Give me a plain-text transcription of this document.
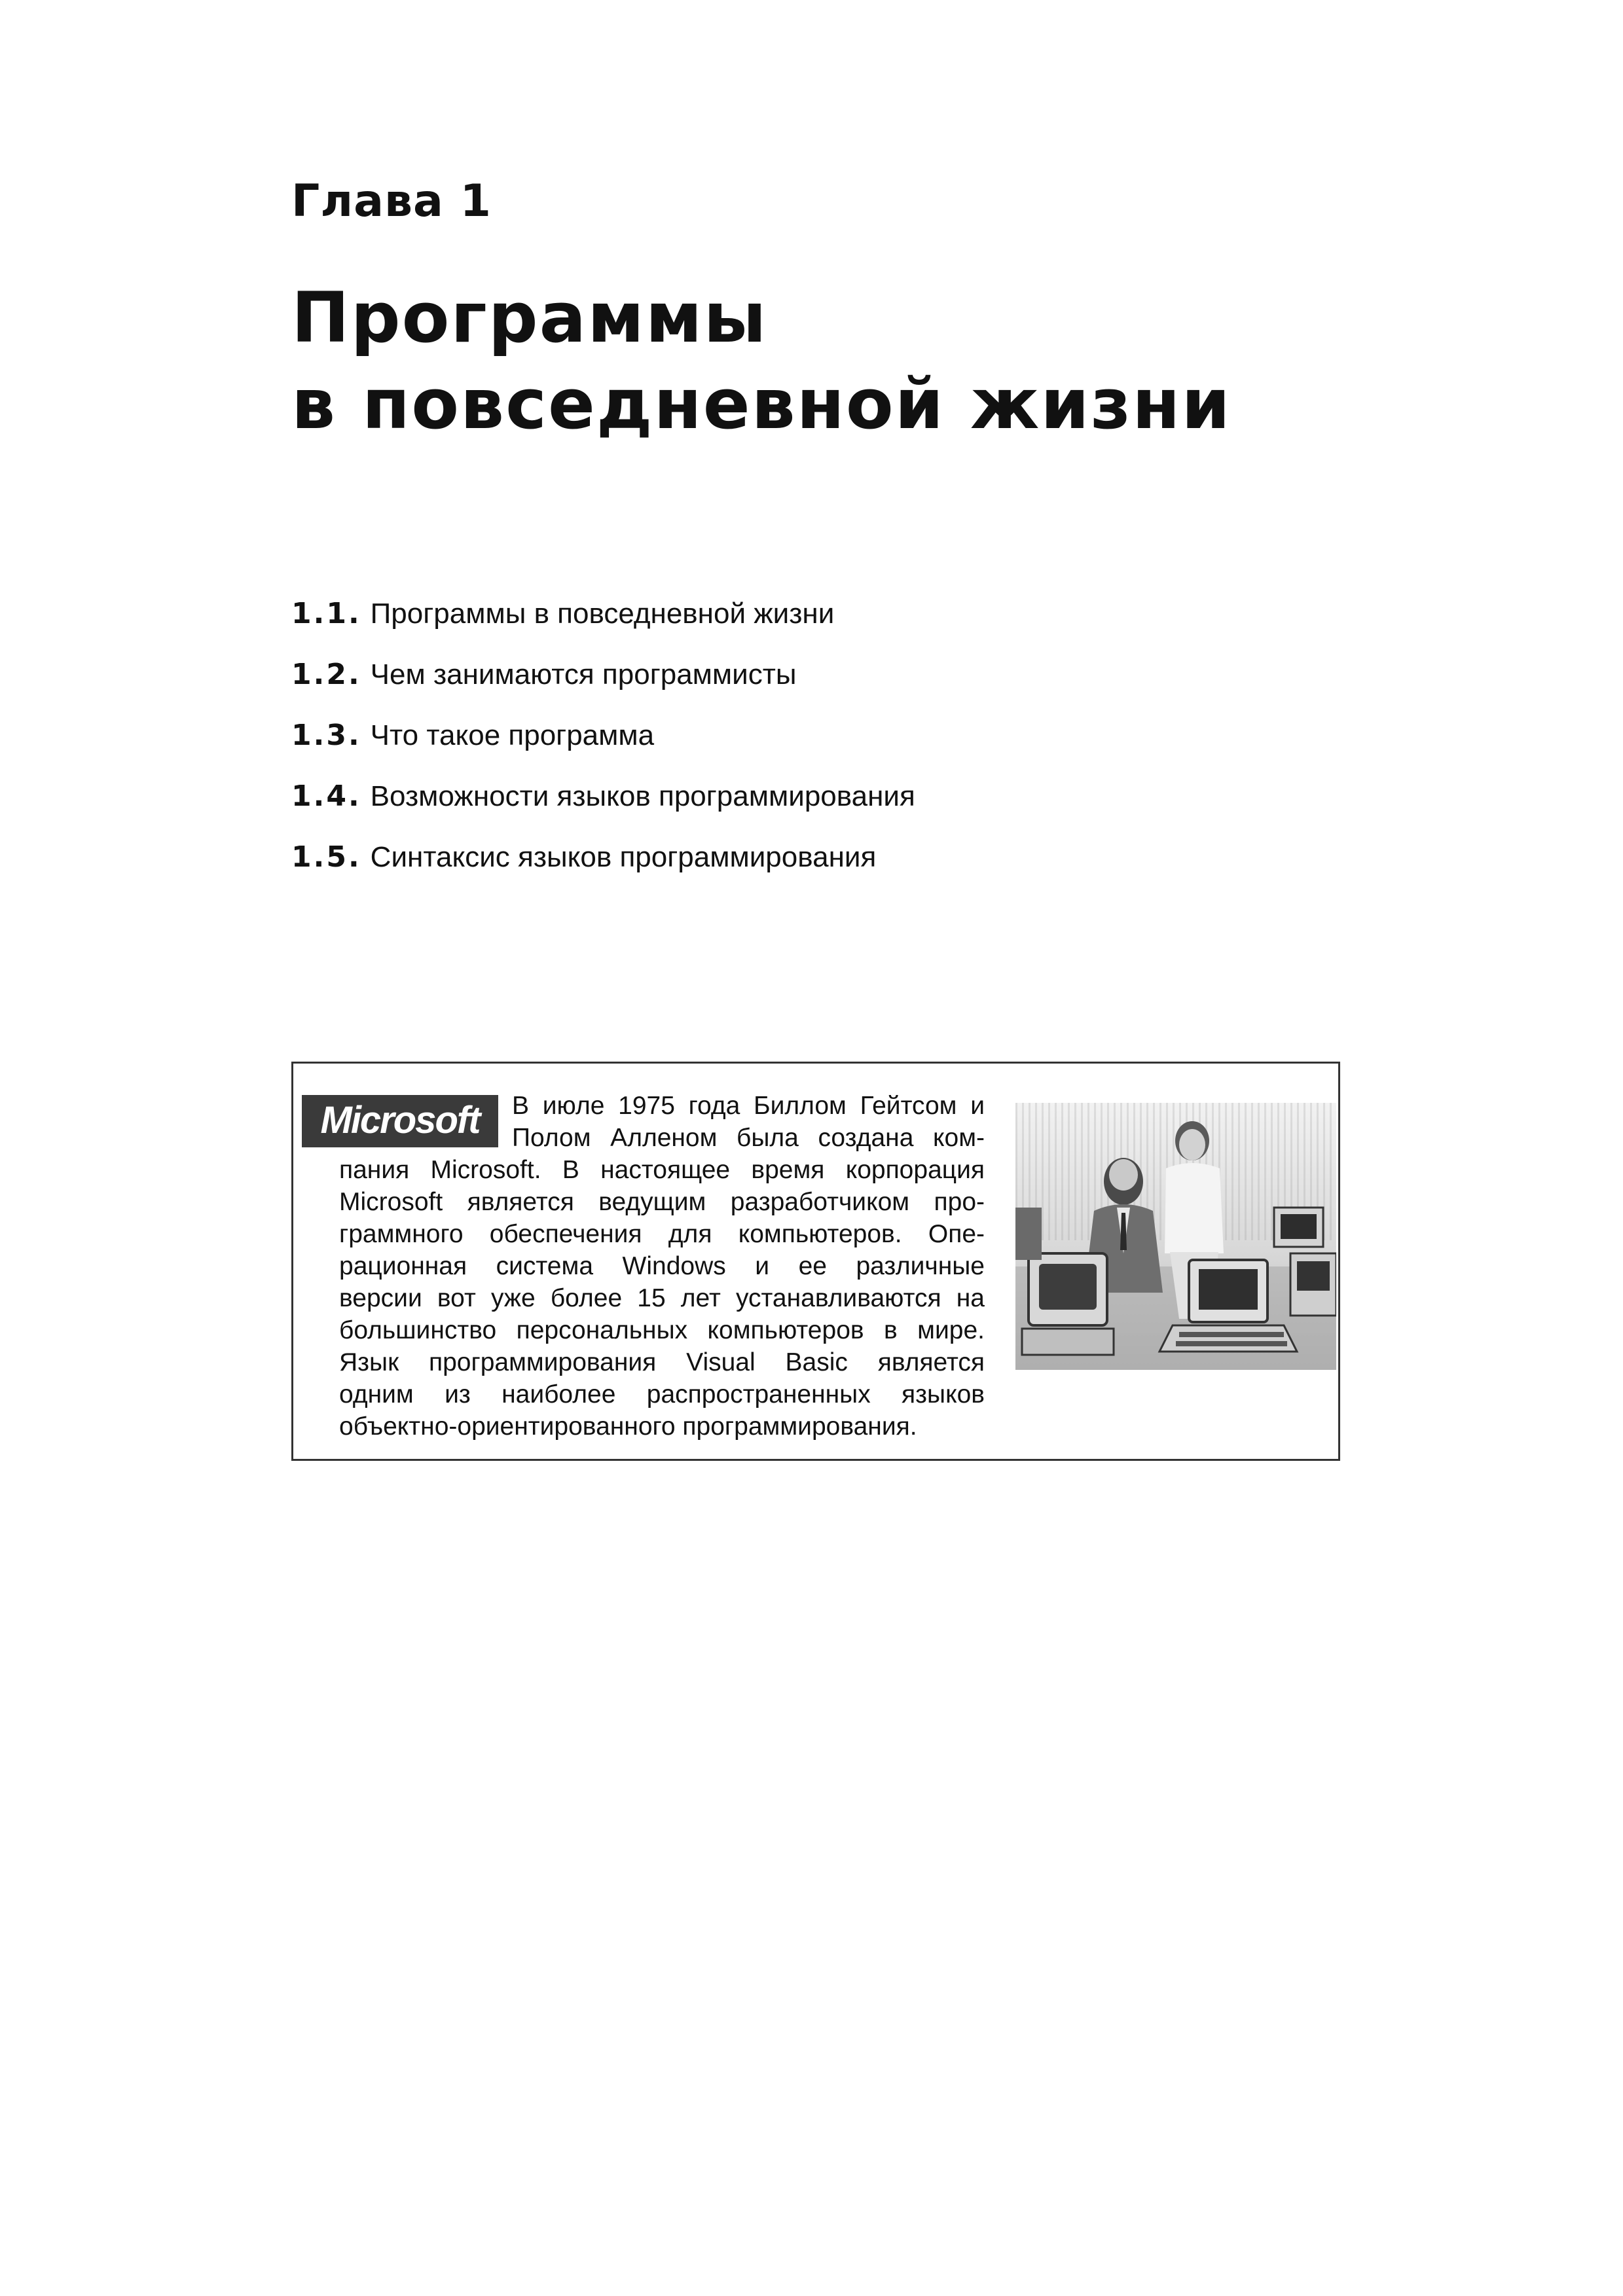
Глава 1
Программы
в повседневной жизни
1.1. Программы в повседневной жизни
1.2. Чем занимаются программисты
1.3. Что такое программа
1.4. Возможности языков программирования
1.5. Синтаксис языков программирования
Microsoft В июле 1975 года Биллом Гейтсом и
Полом Алленом была создана ком-
пания Microsoft. В настоящее время корпорация
Microsoft является ведущим разработчиком про-
граммного обеспечения для компьютеров. Опе-
рационная система Windows и ее различные
версии вот уже более 15 лет устанавливаются на
большинство персональных компьютеров в мире.
Язык программирования Visual Basic является
одним из наиболее распространенных языков
объектно-ориентированного программирования.
